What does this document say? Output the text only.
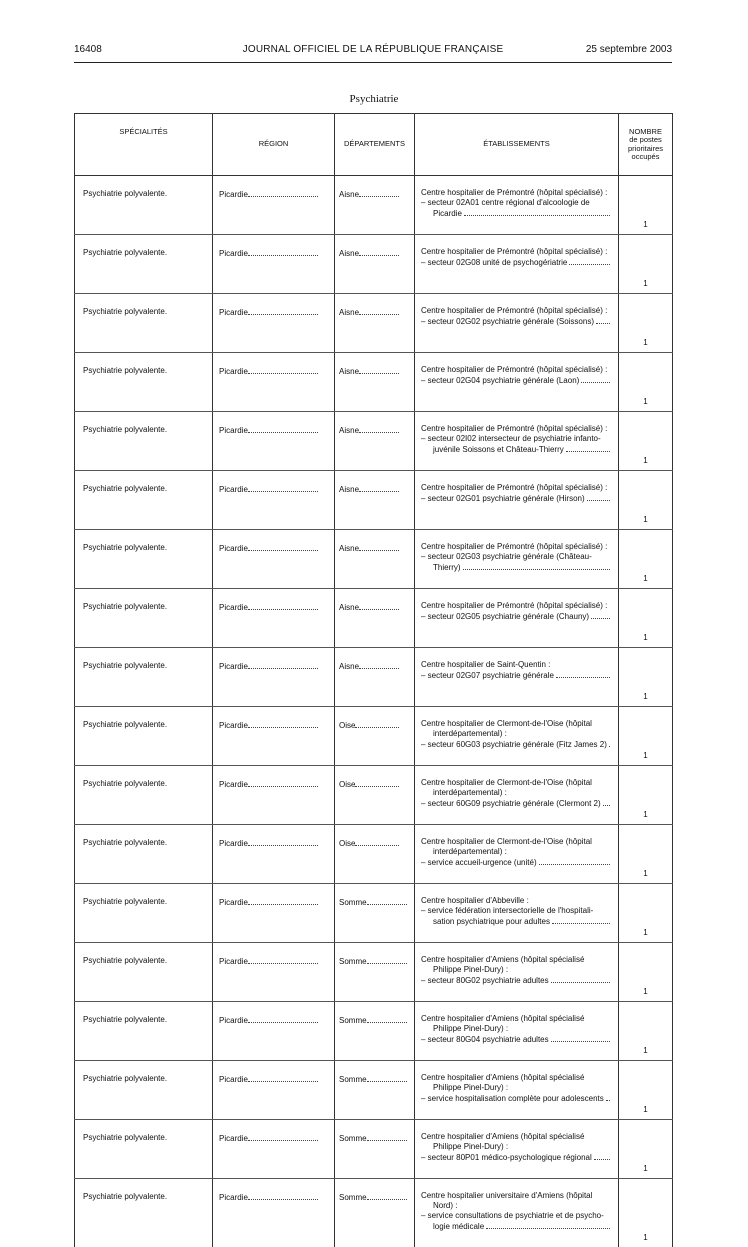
16408	JOURNAL OFFICIEL DE LA RÉPUBLIQUE FRANÇAISE	25 septembre 2003
Psychiatrie
SPÉCIALITÉS	RÉGION	DÉPARTEMENTS	ÉTABLISSEMENTS	NOMBRE
de postes
prioritaires
occupés

Psychiatrie polyvalente.	Picardie	Aisne	Centre hospitalier de Prémontré (hôpital spécialisé) :
– secteur 02A01 centre régional d'alcoologie de
Picardie	1
Psychiatrie polyvalente.	Picardie	Aisne	Centre hospitalier de Prémontré (hôpital spécialisé) :
– secteur 02G08 unité de psychogériatrie	1
Psychiatrie polyvalente.	Picardie	Aisne	Centre hospitalier de Prémontré (hôpital spécialisé) :
– secteur 02G02 psychiatrie générale (Soissons)	1
Psychiatrie polyvalente.	Picardie	Aisne	Centre hospitalier de Prémontré (hôpital spécialisé) :
– secteur 02G04 psychiatrie générale (Laon)	1
Psychiatrie polyvalente.	Picardie	Aisne	Centre hospitalier de Prémontré (hôpital spécialisé) :
– secteur 02I02 intersecteur de psychiatrie infanto-
juvénile Soissons et Château-Thierry	1
Psychiatrie polyvalente.	Picardie	Aisne	Centre hospitalier de Prémontré (hôpital spécialisé) :
– secteur 02G01 psychiatrie générale (Hirson)	1
Psychiatrie polyvalente.	Picardie	Aisne	Centre hospitalier de Prémontré (hôpital spécialisé) :
– secteur 02G03 psychiatrie générale (Château-
Thierry)	1
Psychiatrie polyvalente.	Picardie	Aisne	Centre hospitalier de Prémontré (hôpital spécialisé) :
– secteur 02G05 psychiatrie générale (Chauny)	1
Psychiatrie polyvalente.	Picardie	Aisne	Centre hospitalier de Saint-Quentin :
– secteur 02G07 psychiatrie générale	1
Psychiatrie polyvalente.	Picardie	Oise	Centre hospitalier de Clermont-de-l'Oise (hôpital
interdépartemental) :
– secteur 60G03 psychiatrie générale (Fitz James 2)	1
Psychiatrie polyvalente.	Picardie	Oise	Centre hospitalier de Clermont-de-l'Oise (hôpital
interdépartemental) :
– secteur 60G09 psychiatrie générale (Clermont 2)	1
Psychiatrie polyvalente.	Picardie	Oise	Centre hospitalier de Clermont-de-l'Oise (hôpital
interdépartemental) :
– service accueil-urgence (unité)	1
Psychiatrie polyvalente.	Picardie	Somme	Centre hospitalier d'Abbeville :
– service fédération intersectorielle de l'hospitali-
sation psychiatrique pour adultes	1
Psychiatrie polyvalente.	Picardie	Somme	Centre hospitalier d'Amiens (hôpital spécialisé
Philippe Pinel-Dury) :
– secteur 80G02 psychiatrie adultes	1
Psychiatrie polyvalente.	Picardie	Somme	Centre hospitalier d'Amiens (hôpital spécialisé
Philippe Pinel-Dury) :
– secteur 80G04 psychiatrie adultes	1
Psychiatrie polyvalente.	Picardie	Somme	Centre hospitalier d'Amiens (hôpital spécialisé
Philippe Pinel-Dury) :
– service hospitalisation complète pour adolescents	1
Psychiatrie polyvalente.	Picardie	Somme	Centre hospitalier d'Amiens (hôpital spécialisé
Philippe Pinel-Dury) :
– secteur 80P01 médico-psychologique régional	1
Psychiatrie polyvalente.	Picardie	Somme	Centre hospitalier universitaire d'Amiens (hôpital
Nord) :
– service consultations de psychiatrie et de psycho-
logie médicale	1
